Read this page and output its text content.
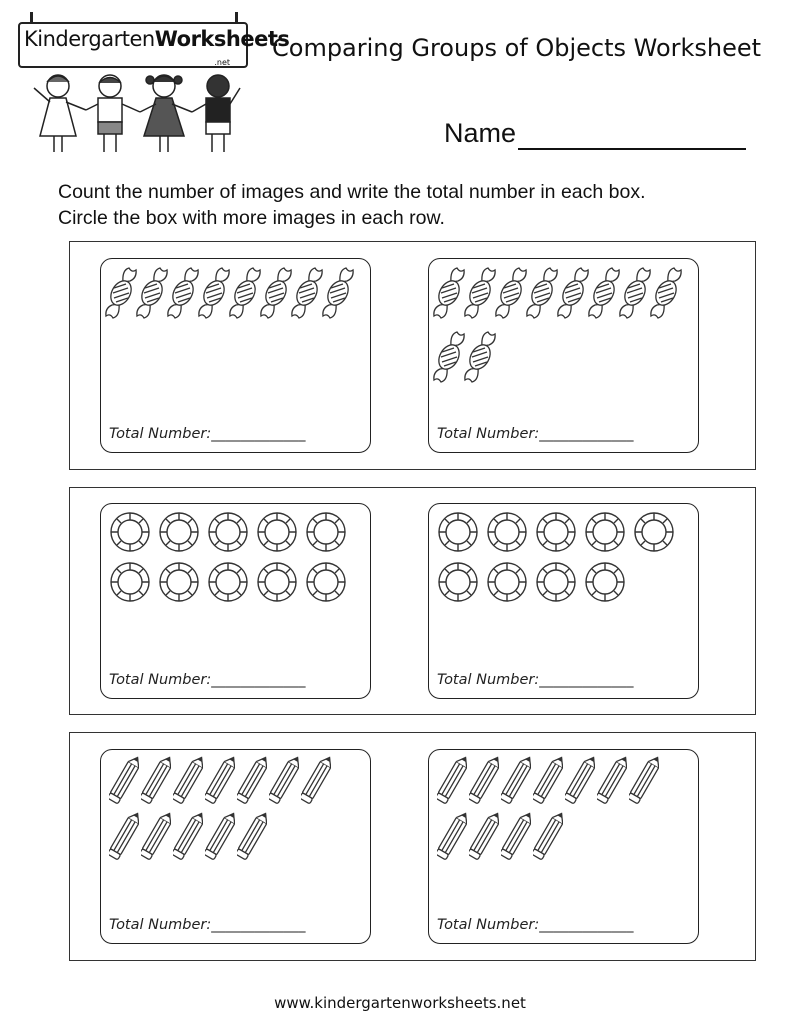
KindergartenWorksheets
.net
Comparing Groups of Objects Worksheet
Name
Count the number of images and write the total number in each box.
Circle the box with more images in each row.
Total Number:_____________	Total Number:_____________
Total Number:_____________	Total Number:_____________
Total Number:_____________	Total Number:_____________
www.kindergartenworksheets.net
